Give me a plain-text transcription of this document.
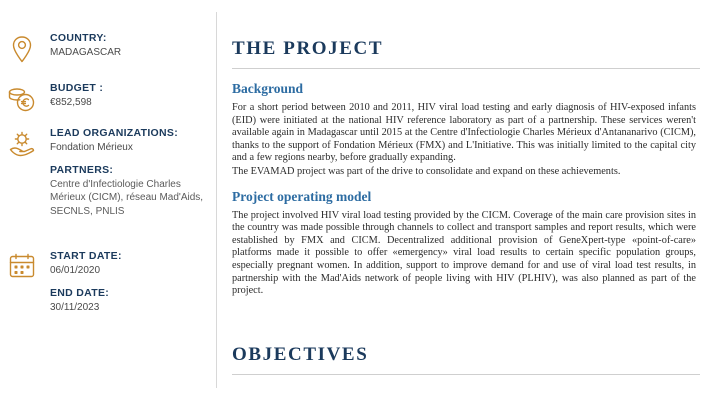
COUNTRY:

MADAGASCAR

BUDGET :

€852,598

LEAD ORGANIZATIONS:

Fondation Mérieux

PARTNERS:

Centre d'Infectiologie Charles Mérieux (CICM), réseau Mad'Aids, SECNLS, PNLIS

START DATE:

06/01/2020

END DATE:

30/11/2023

THE PROJECT
Background

For a short period between 2010 and 2011, HIV viral load testing and early diagnosis of HIV-exposed infants (EID) were initiated at the national HIV reference laboratory as part of a partnership. These services weren't available again in Madagascar until 2015 at the Centre d'Infectiologie Charles Mérieux d'Antananarivo (CICM), thanks to the support of Fondation Mérieux (FMX) and L'Initiative. This was initially limited to the capital city and a few regions nearby, before gradually expanding.

The EVAMAD project was part of the drive to consolidate and expand on these achievements.

Project operating model

The project involved HIV viral load testing provided by the CICM. Coverage of the main care provision sites in the country was made possible through channels to collect and transport samples and report results, which were established by FMX and CICM. Decentralized additional provision of GeneXpert-type «point-of-care» platforms made it possible to offer «emergency» viral load results to certain specific population groups, especially pregnant women. In addition, support to improve demand for and use of viral load test results, in partnership with the Mad'Aids network of people living with HIV (PLHIV), was also planned as part of the project.

OBJECTIVES
